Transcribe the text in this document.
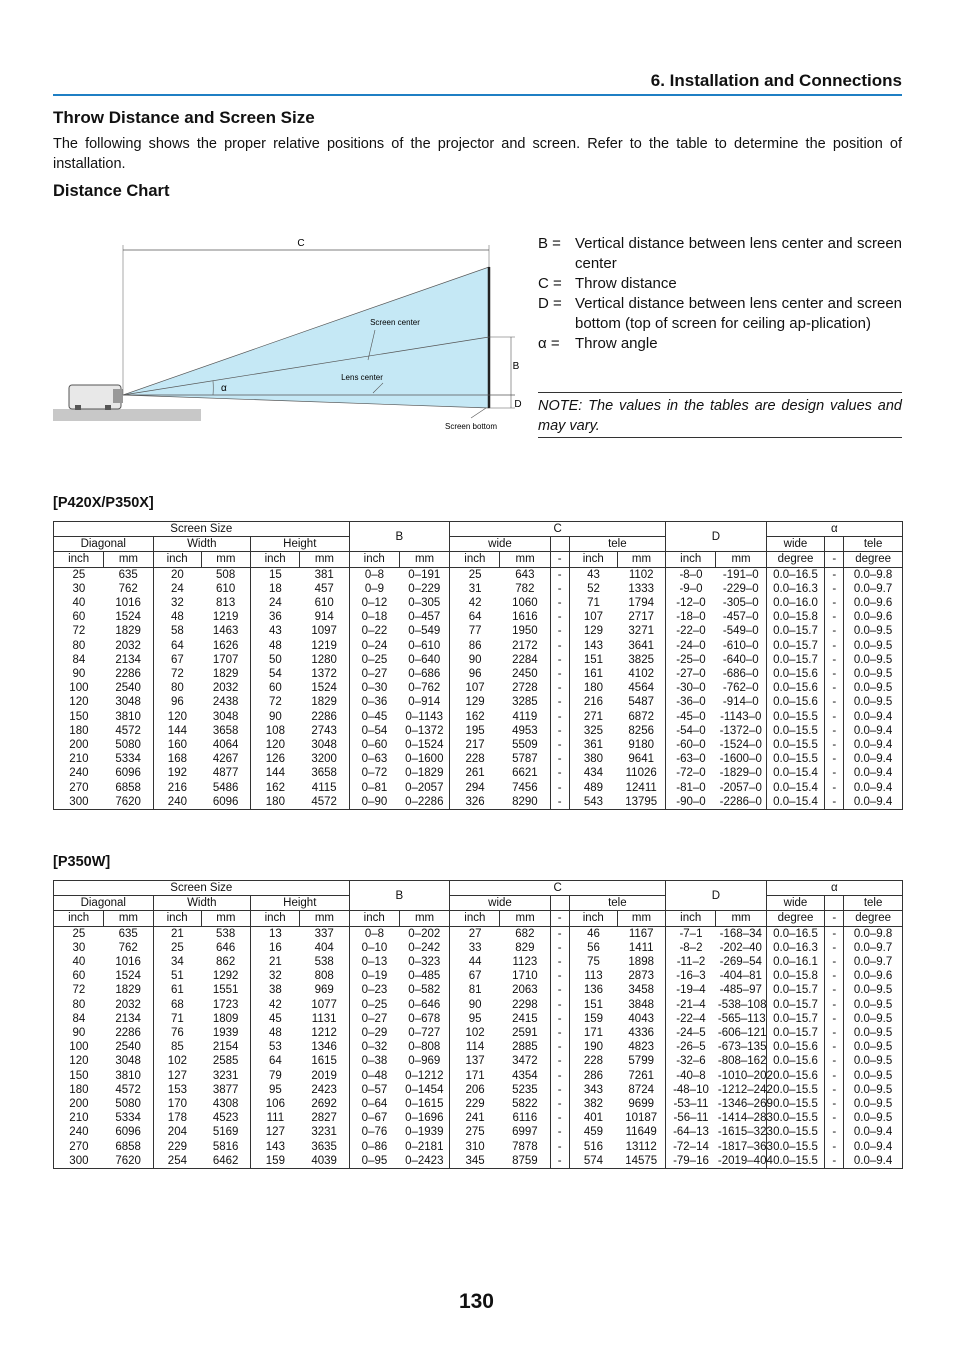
6. Installation and Connections
Throw Distance and Screen Size
The following shows the proper relative positions of the projector and screen. Refer to the table to determine the position of installation.
Distance Chart
C
B
D
α
Screen center
Lens center
Screen bottom
B = Vertical distance between lens center and screen center
C = Throw distance
D = Vertical distance between lens center and screen bottom (top of screen for ceiling ap-plication)
α =	Throw angle
NOTE: The values in the tables are design values and may vary.
[P420X/P350X]
Screen Size						B		C					D		α		
Diagonal		Width		Height				wide			tele				wide		tele
inch	mm	inch	mm	inch	mm	inch	mm	inch	mm	-	inch	mm	inch	mm	degree	-	degree
25	635	20	508	15	381	0–8	0–191	25	643	-	43	1102	-8–0	-191–0	0.0–16.5	-	0.0–9.8
30	762	24	610	18	457	0–9	0–229	31	782	-	52	1333	-9–0	-229–0	0.0–16.3	-	0.0–9.7
40	1016	32	813	24	610	0–12	0–305	42	1060	-	71	1794	-12–0	-305–0	0.0–16.0	-	0.0–9.6
60	1524	48	1219	36	914	0–18	0–457	64	1616	-	107	2717	-18–0	-457–0	0.0–15.8	-	0.0–9.6
72	1829	58	1463	43	1097	0–22	0–549	77	1950	-	129	3271	-22–0	-549–0	0.0–15.7	-	0.0–9.5
80	2032	64	1626	48	1219	0–24	0–610	86	2172	-	143	3641	-24–0	-610–0	0.0–15.7	-	0.0–9.5
84	2134	67	1707	50	1280	0–25	0–640	90	2284	-	151	3825	-25–0	-640–0	0.0–15.7	-	0.0–9.5
90	2286	72	1829	54	1372	0–27	0–686	96	2450	-	161	4102	-27–0	-686–0	0.0–15.6	-	0.0–9.5
100	2540	80	2032	60	1524	0–30	0–762	107	2728	-	180	4564	-30–0	-762–0	0.0–15.6	-	0.0–9.5
120	3048	96	2438	72	1829	0–36	0–914	129	3285	-	216	5487	-36–0	-914–0	0.0–15.6	-	0.0–9.5
150	3810	120	3048	90	2286	0–45	0–1143	162	4119	-	271	6872	-45–0	-1143–0	0.0–15.5	-	0.0–9.4
180	4572	144	3658	108	2743	0–54	0–1372	195	4953	-	325	8256	-54–0	-1372–0	0.0–15.5	-	0.0–9.4
200	5080	160	4064	120	3048	0–60	0–1524	217	5509	-	361	9180	-60–0	-1524–0	0.0–15.5	-	0.0–9.4
210	5334	168	4267	126	3200	0–63	0–1600	228	5787	-	380	9641	-63–0	-1600–0	0.0–15.5	-	0.0–9.4
240	6096	192	4877	144	3658	0–72	0–1829	261	6621	-	434	11026	-72–0	-1829–0	0.0–15.4	-	0.0–9.4
270	6858	216	5486	162	4115	0–81	0–2057	294	7456	-	489	12411	-81–0	-2057–0	0.0–15.4	-	0.0–9.4
300	7620	240	6096	180	4572	0–90	0–2286	326	8290	-	543	13795	-90–0	-2286–0	0.0–15.4	-	0.0–9.4
[P350W]
Screen Size						B		C					D		α		
Diagonal		Width		Height				wide			tele				wide		tele
inch	mm	inch	mm	inch	mm	inch	mm	inch	mm	-	inch	mm	inch	mm	degree	-	degree
25	635	21	538	13	337	0–8	0–202	27	682	-	46	1167	-7–1	-168–34	0.0–16.5	-	0.0–9.8
30	762	25	646	16	404	0–10	0–242	33	829	-	56	1411	-8–2	-202–40	0.0–16.3	-	0.0–9.7
40	1016	34	862	21	538	0–13	0–323	44	1123	-	75	1898	-11–2	-269–54	0.0–16.1	-	0.0–9.7
60	1524	51	1292	32	808	0–19	0–485	67	1710	-	113	2873	-16–3	-404–81	0.0–15.8	-	0.0–9.6
72	1829	61	1551	38	969	0–23	0–582	81	2063	-	136	3458	-19–4	-485–97	0.0–15.7	-	0.0–9.5
80	2032	68	1723	42	1077	0–25	0–646	90	2298	-	151	3848	-21–4	-538–108	0.0–15.7	-	0.0–9.5
84	2134	71	1809	45	1131	0–27	0–678	95	2415	-	159	4043	-22–4	-565–113	0.0–15.7	-	0.0–9.5
90	2286	76	1939	48	1212	0–29	0–727	102	2591	-	171	4336	-24–5	-606–121	0.0–15.7	-	0.0–9.5
100	2540	85	2154	53	1346	0–32	0–808	114	2885	-	190	4823	-26–5	-673–135	0.0–15.6	-	0.0–9.5
120	3048	102	2585	64	1615	0–38	0–969	137	3472	-	228	5799	-32–6	-808–162	0.0–15.6	-	0.0–9.5
150	3810	127	3231	79	2019	0–48	0–1212	171	4354	-	286	7261	-40–8	-1010–202	0.0–15.6	-	0.0–9.5
180	4572	153	3877	95	2423	0–57	0–1454	206	5235	-	343	8724	-48–10	-1212–242	0.0–15.5	-	0.0–9.5
200	5080	170	4308	106	2692	0–64	0–1615	229	5822	-	382	9699	-53–11	-1346–269	0.0–15.5	-	0.0–9.5
210	5334	178	4523	111	2827	0–67	0–1696	241	6116	-	401	10187	-56–11	-1414–283	0.0–15.5	-	0.0–9.5
240	6096	204	5169	127	3231	0–76	0–1939	275	6997	-	459	11649	-64–13	-1615–323	0.0–15.5	-	0.0–9.4
270	6858	229	5816	143	3635	0–86	0–2181	310	7878	-	516	13112	-72–14	-1817–363	0.0–15.5	-	0.0–9.4
300	7620	254	6462	159	4039	0–95	0–2423	345	8759	-	574	14575	-79–16	-2019–404	0.0–15.5	-	0.0–9.4
130
